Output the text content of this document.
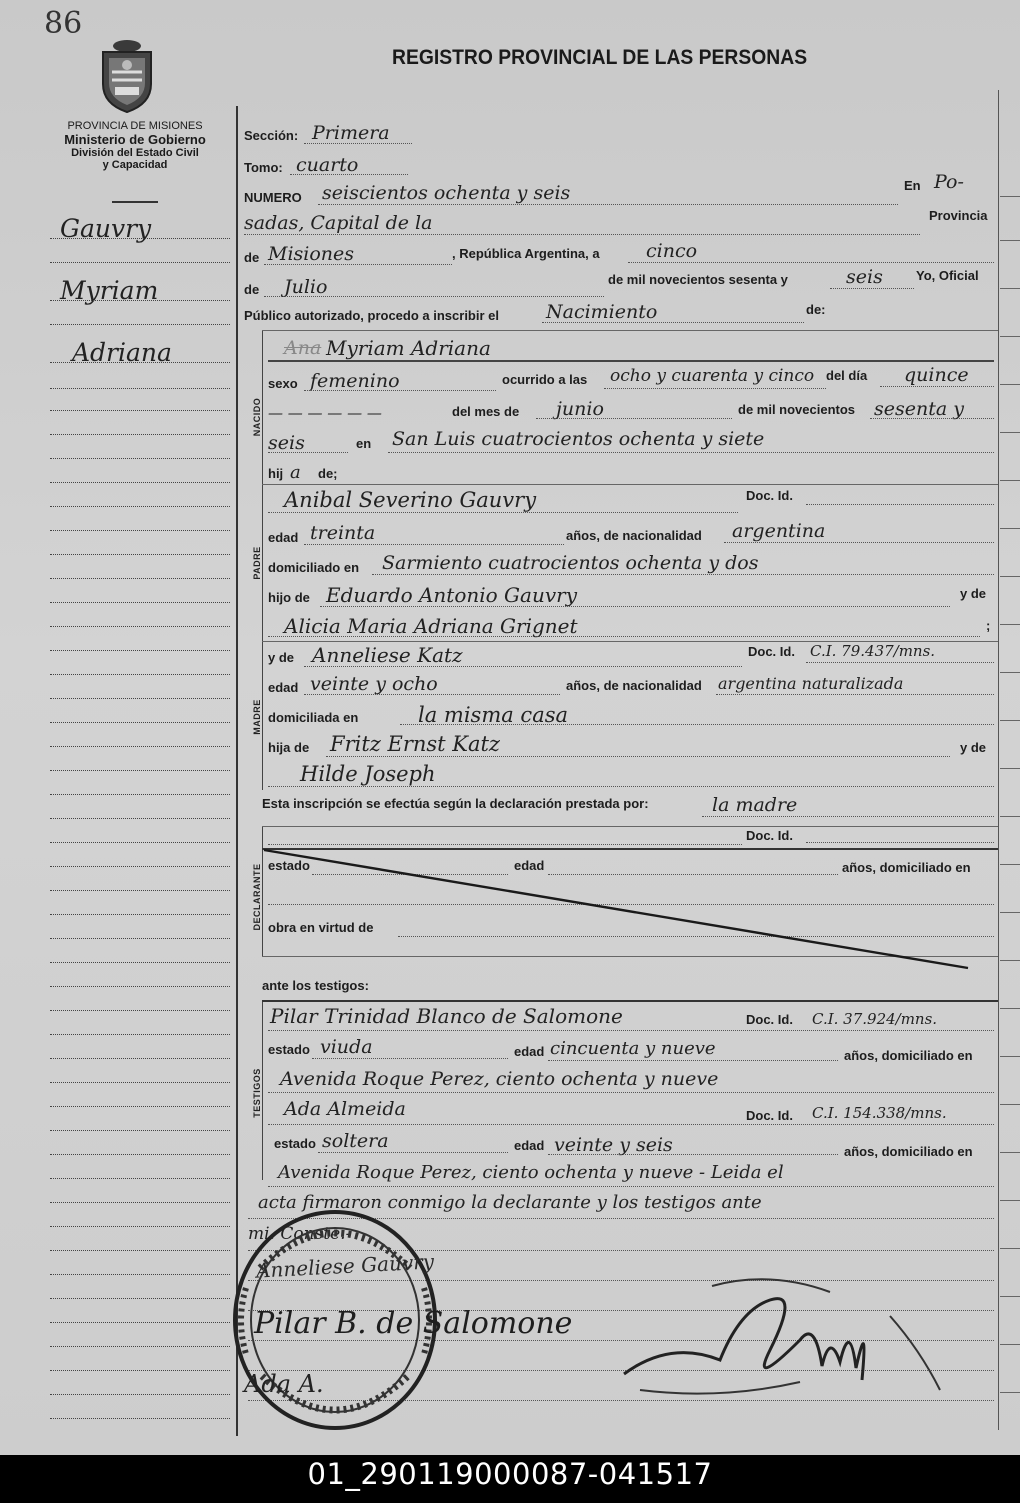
86
REGISTRO PROVINCIAL DE LAS PERSONAS
PROVINCIA DE MISIONES
Ministerio de Gobierno
División del Estado Civil
y Capacidad
Gauvry
Myriam
Adriana
Sección: Primera
Tomo: cuarto
NUMERO seiscientos ochenta y seis	En Po-
sadas, Capital de la	Provincia
de Misiones	, República Argentina, a cinco
de Julio	de mil novecientos sesenta y	seis	Yo, Oficial
Público autorizado, procedo a inscribir el Nacimiento	de:
NACIDO
Ana Myriam Adriana
sexo femenino	ocurrido a las ocho y cuarenta y cinco del día quince
— — — — — —	del mes de junio	de mil novecientos sesenta y
seis	en San Luis cuatrocientos ochenta y siete
hij a de;
PADRE
Anibal Severino Gauvry	Doc. Id.
edad treinta	años, de nacionalidad argentina
domiciliado en Sarmiento cuatrocientos ochenta y dos
hijo de Eduardo Antonio Gauvry	y de
Alicia Maria Adriana Grignet	;
MADRE
y de Anneliese Katz	Doc. Id. C.I. 79.437/mns.
edad veinte y ocho	años, de nacionalidad argentina naturalizada
domiciliada en	la misma casa
hija de Fritz Ernst Katz	y de
Hilde Joseph
Esta inscripción se efectúa según la declaración prestada por:	la madre
DECLARANTE
Doc. Id.
estado	edad	años, domiciliado en
obra en virtud de
ante los testigos:
TESTIGOS
Pilar Trinidad Blanco de Salomone	Doc. Id. C.I. 37.924/mns.
estado viuda	edad cincuenta y nueve	años, domiciliado en
Avenida Roque Perez, ciento ochenta y nueve
Ada Almeida	Doc. Id. C.I. 154.338/mns.
estado soltera	edad veinte y seis	años, domiciliado en
Avenida Roque Perez, ciento ochenta y nueve - Leida el
acta firmaron conmigo la declarante y los testigos ante
mi. Conste.-
Anneliese Gauvry
Pilar B. de Salomone
Ada A.
01_290119000087-041517
